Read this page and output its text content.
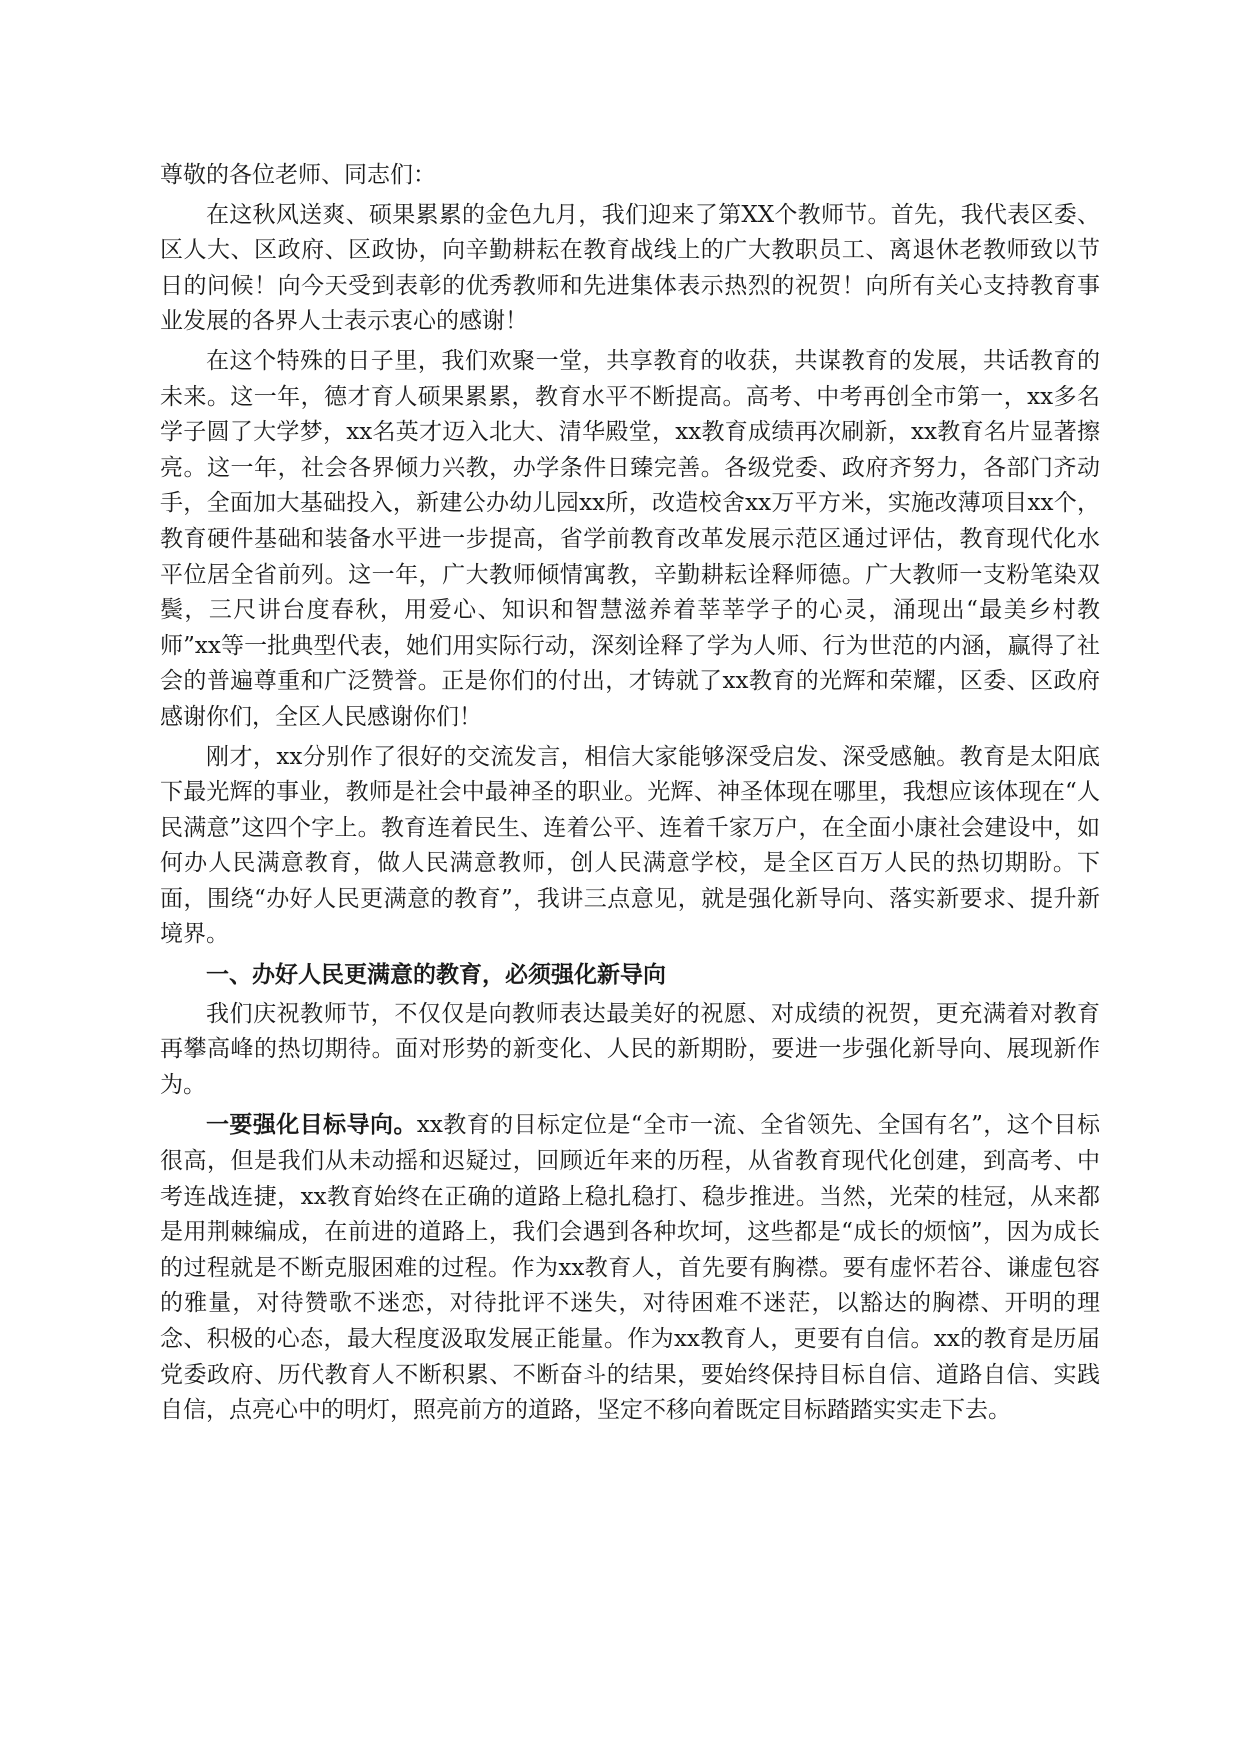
尊敬的各位老师、同志们：

在这秋风送爽、硕果累累的金色九月，我们迎来了第XX个教师节。首先，我代表区委、区人大、区政府、区政协，向辛勤耕耘在教育战线上的广大教职员工、离退休老教师致以节日的问候！向今天受到表彰的优秀教师和先进集体表示热烈的祝贺！向所有关心支持教育事业发展的各界人士表示衷心的感谢！

在这个特殊的日子里，我们欢聚一堂，共享教育的收获，共谋教育的发展，共话教育的未来。这一年，德才育人硕果累累，教育水平不断提高。高考、中考再创全市第一，xx多名学子圆了大学梦，xx名英才迈入北大、清华殿堂，xx教育成绩再次刷新，xx教育名片显著擦亮。这一年，社会各界倾力兴教，办学条件日臻完善。各级党委、政府齐努力，各部门齐动手，全面加大基础投入，新建公办幼儿园xx所，改造校舍xx万平方米，实施改薄项目xx个，教育硬件基础和装备水平进一步提高，省学前教育改革发展示范区通过评估，教育现代化水平位居全省前列。这一年，广大教师倾情寓教，辛勤耕耘诠释师德。广大教师一支粉笔染双鬓，三尺讲台度春秋，用爱心、知识和智慧滋养着莘莘学子的心灵，涌现出“最美乡村教师”xx等一批典型代表，她们用实际行动，深刻诠释了学为人师、行为世范的内涵，赢得了社会的普遍尊重和广泛赞誉。正是你们的付出，才铸就了xx教育的光辉和荣耀，区委、区政府感谢你们，全区人民感谢你们！

刚才，xx分别作了很好的交流发言，相信大家能够深受启发、深受感触。教育是太阳底下最光辉的事业，教师是社会中最神圣的职业。光辉、神圣体现在哪里，我想应该体现在“人民满意”这四个字上。教育连着民生、连着公平、连着千家万户，在全面小康社会建设中，如何办人民满意教育，做人民满意教师，创人民满意学校，是全区百万人民的热切期盼。下面，围绕“办好人民更满意的教育”，我讲三点意见，就是强化新导向、落实新要求、提升新境界。

一、办好人民更满意的教育，必须强化新导向

我们庆祝教师节，不仅仅是向教师表达最美好的祝愿、对成绩的祝贺，更充满着对教育再攀高峰的热切期待。面对形势的新变化、人民的新期盼，要进一步强化新导向、展现新作为。

一要强化目标导向。xx教育的目标定位是“全市一流、全省领先、全国有名”，这个目标很高，但是我们从未动摇和迟疑过，回顾近年来的历程，从省教育现代化创建，到高考、中考连战连捷，xx教育始终在正确的道路上稳扎稳打、稳步推进。当然，光荣的桂冠，从来都是用荆棘编成，在前进的道路上，我们会遇到各种坎坷，这些都是“成长的烦恼”，因为成长的过程就是不断克服困难的过程。作为xx教育人，首先要有胸襟。要有虚怀若谷、谦虚包容的雅量，对待赞歌不迷恋，对待批评不迷失，对待困难不迷茫，以豁达的胸襟、开明的理念、积极的心态，最大程度汲取发展正能量。作为xx教育人，更要有自信。xx的教育是历届党委政府、历代教育人不断积累、不断奋斗的结果，要始终保持目标自信、道路自信、实践自信，点亮心中的明灯，照亮前方的道路，坚定不移向着既定目标踏踏实实走下去。
